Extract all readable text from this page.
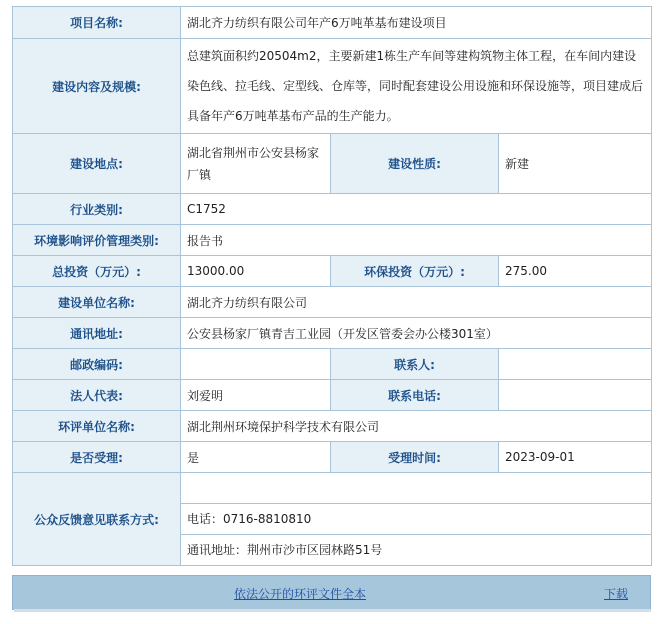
项目名称:	湖北齐力纺织有限公司年产6万吨革基布建设项目		
建设内容及规模:	总建筑面积约20504m2，主要新建1栋生产车间等建构筑物主体工程，在车间内建设染色线、拉毛线、定型线、仓库等，同时配套建设公用设施和环保设施等，项目建成后具备年产6万吨革基布产品的生产能力。		
建设地点:	湖北省荆州市公安县杨家厂镇	建设性质:	新建
行业类别:	C1752		
环境影响评价管理类别:	报告书		
总投资（万元）:	13000.00	环保投资（万元）:	275.00
建设单位名称:	湖北齐力纺织有限公司		
通讯地址:	公安县杨家厂镇青吉工业园（开发区管委会办公楼301室）		
邮政编码:		联系人:	
法人代表:	刘爱明	联系电话:	
环评单位名称:	湖北荆州环境保护科学技术有限公司		
是否受理:	是	受理时间:	2023-09-01
公众反馈意见联系方式:	电话：0716-8810810
通讯地址：荆州市沙市区园林路51号		
依法公开的环评文件全本	下载
